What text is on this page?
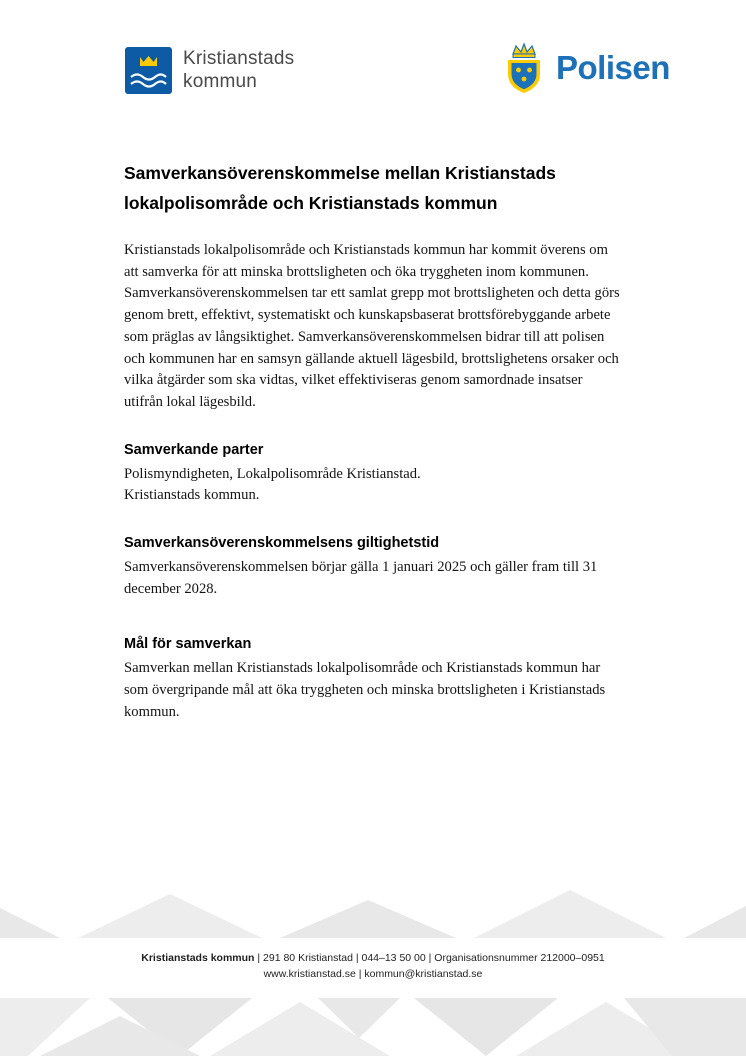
Kristianstads
kommun	Polisen
Samverkansöverenskommelse mellan Kristianstads lokalpolisområde och Kristianstads kommun

Kristianstads lokalpolisområde och Kristianstads kommun har kommit överens om att samverka för att minska brottsligheten och öka tryggheten inom kommunen. Samverkansöverenskommelsen tar ett samlat grepp mot brottsligheten och detta görs genom brett, effektivt, systematiskt och kunskapsbaserat brottsförebyggande arbete som präglas av långsiktighet. Samverkansöverenskommelsen bidrar till att polisen och kommunen har en samsyn gällande aktuell lägesbild, brottslighetens orsaker och vilka åtgärder som ska vidtas, vilket effektiviseras genom samordnade insatser utifrån lokal lägesbild.

Samverkande parter

Polismyndigheten, Lokalpolisområde Kristianstad.

Kristianstads kommun.

Samverkansöverenskommelsens giltighetstid

Samverkansöverenskommelsen börjar gälla 1 januari 2025 och gäller fram till 31 december 2028.

Mål för samverkan

Samverkan mellan Kristianstads lokalpolisområde och Kristianstads kommun har som övergripande mål att öka tryggheten och minska brottsligheten i Kristianstads kommun.

Kristianstads kommun | 291 80 Kristianstad | 044–13 50 00 | Organisationsnummer 212000–0951
www.kristianstad.se | kommun@kristianstad.se
